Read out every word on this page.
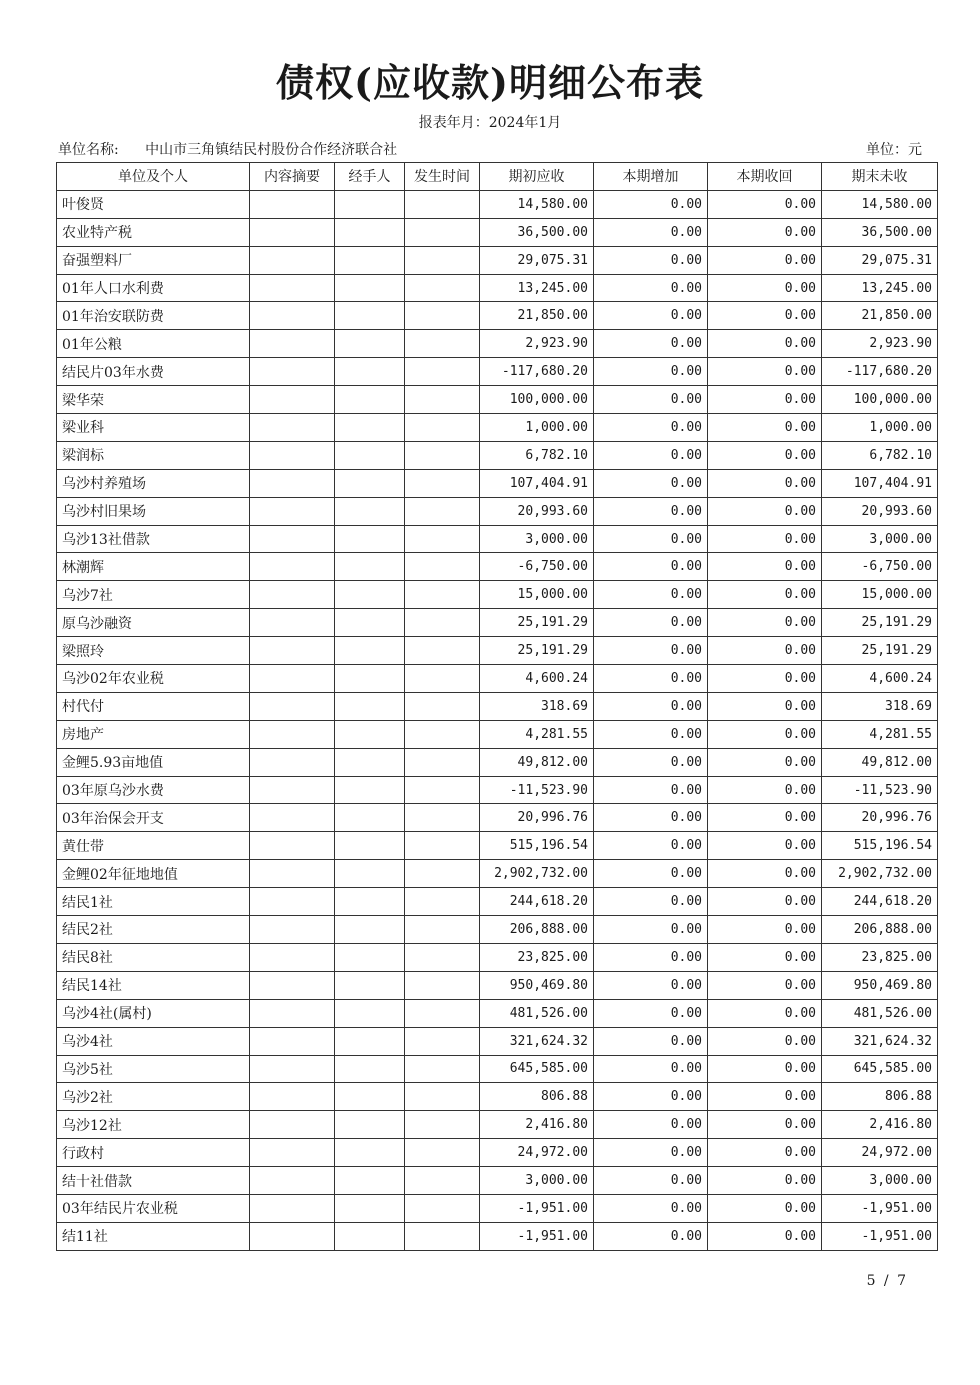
债权(应收款)明细公布表
报表年月：2024年1月
单位名称: 中山市三角镇结民村股份合作经济联合社	单位：元
单位及个人	内容摘要	经手人	发生时间	期初应收	本期增加	本期收回	期末未收
叶俊贤				14,580.00	0.00	0.00	14,580.00
农业特产税				36,500.00	0.00	0.00	36,500.00
奋强塑料厂				29,075.31	0.00	0.00	29,075.31
01年人口水利费				13,245.00	0.00	0.00	13,245.00
01年治安联防费				21,850.00	0.00	0.00	21,850.00
01年公粮				2,923.90	0.00	0.00	2,923.90
结民片03年水费				-117,680.20	0.00	0.00	-117,680.20
梁华荣				100,000.00	0.00	0.00	100,000.00
梁业科				1,000.00	0.00	0.00	1,000.00
梁润标				6,782.10	0.00	0.00	6,782.10
乌沙村养殖场				107,404.91	0.00	0.00	107,404.91
乌沙村旧果场				20,993.60	0.00	0.00	20,993.60
乌沙13社借款				3,000.00	0.00	0.00	3,000.00
林潮辉				-6,750.00	0.00	0.00	-6,750.00
乌沙7社				15,000.00	0.00	0.00	15,000.00
原乌沙融资				25,191.29	0.00	0.00	25,191.29
梁照玲				25,191.29	0.00	0.00	25,191.29
乌沙02年农业税				4,600.24	0.00	0.00	4,600.24
村代付				318.69	0.00	0.00	318.69
房地产				4,281.55	0.00	0.00	4,281.55
金鲤5.93亩地值				49,812.00	0.00	0.00	49,812.00
03年原乌沙水费				-11,523.90	0.00	0.00	-11,523.90
03年治保会开支				20,996.76	0.00	0.00	20,996.76
黄仕带				515,196.54	0.00	0.00	515,196.54
金鲤02年征地地值				2,902,732.00	0.00	0.00	2,902,732.00
结民1社				244,618.20	0.00	0.00	244,618.20
结民2社				206,888.00	0.00	0.00	206,888.00
结民8社				23,825.00	0.00	0.00	23,825.00
结民14社				950,469.80	0.00	0.00	950,469.80
乌沙4社(属村)				481,526.00	0.00	0.00	481,526.00
乌沙4社				321,624.32	0.00	0.00	321,624.32
乌沙5社				645,585.00	0.00	0.00	645,585.00
乌沙2社				806.88	0.00	0.00	806.88
乌沙12社				2,416.80	0.00	0.00	2,416.80
行政村				24,972.00	0.00	0.00	24,972.00
结十社借款				3,000.00	0.00	0.00	3,000.00
03年结民片农业税				-1,951.00	0.00	0.00	-1,951.00
结11社				-1,951.00	0.00	0.00	-1,951.00
5 / 7
